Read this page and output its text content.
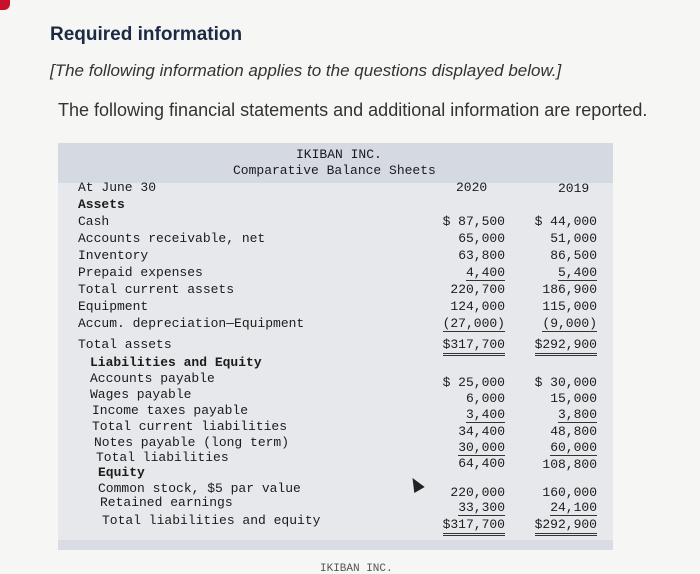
Required information
[The following information applies to the questions displayed below.]
The following financial statements and additional information are reported.
IKIBAN INC.
Comparative Balance Sheets
At June 30	2020	2019
Assets
Cash	$ 87,500 $ 44,000
Accounts receivable, net	65,000	51,000
Inventory	63,800	86,500
Prepaid expenses	4,400	5,400
Total current assets	220,700	186,900
Equipment	124,000	115,000
Accum. depreciation—Equipment	(27,000)	(9,000)
Total assets	$317,700 $292,900
Liabilities and Equity
Accounts payable	$ 25,000 $ 30,000
Wages payable	6,000	15,000
Income taxes payable	3,400	3,800
Total current liabilities	34,400	48,800
Notes payable (long term)	30,000	60,000
Total liabilities	64,400	108,800
Equity
Common stock, $5 par value	220,000	160,000
Retained earnings	33,300	24,100
Total liabilities and equity	$317,700 $292,900
IKIBAN INC.
